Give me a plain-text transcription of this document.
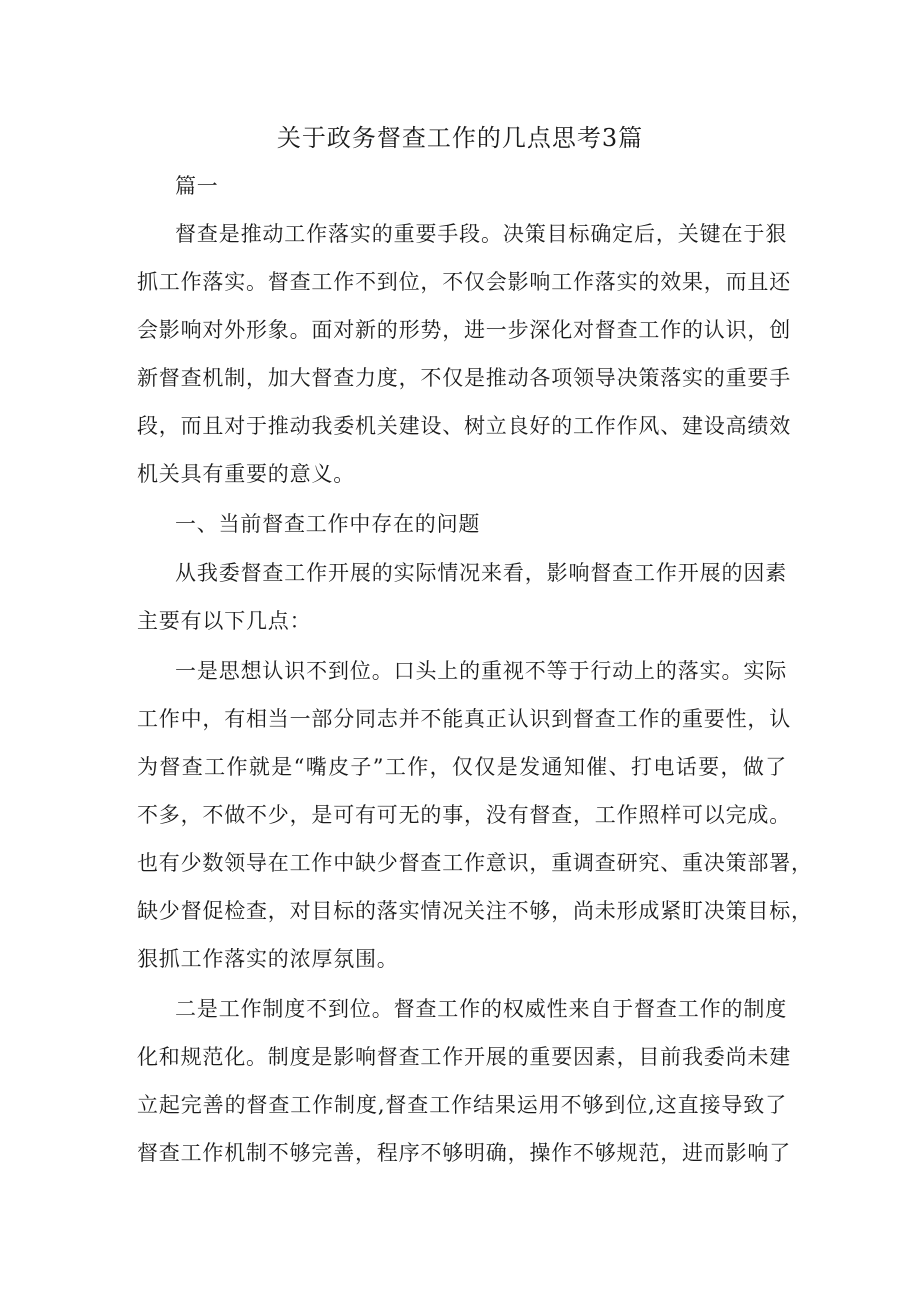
关于政务督查工作的几点思考3篇
篇一
督查是推动工作落实的重要手段。决策目标确定后，关键在于狠
抓工作落实。督查工作不到位，不仅会影响工作落实的效果，而且还
会影响对外形象。面对新的形势，进一步深化对督查工作的认识，创
新督查机制，加大督查力度，不仅是推动各项领导决策落实的重要手
段，而且对于推动我委机关建设、树立良好的工作作风、建设高绩效
机关具有重要的意义。
一、当前督查工作中存在的问题
从我委督查工作开展的实际情况来看，影响督查工作开展的因素
主要有以下几点：
一是思想认识不到位。口头上的重视不等于行动上的落实。实际
工作中，有相当一部分同志并不能真正认识到督查工作的重要性，认
为督查工作就是“嘴皮子”工作，仅仅是发通知催、打电话要，做了
不多，不做不少，是可有可无的事，没有督查，工作照样可以完成。
也有少数领导在工作中缺少督查工作意识，重调查研究、重决策部署，
缺少督促检查，对目标的落实情况关注不够，尚未形成紧盯决策目标，
狠抓工作落实的浓厚氛围。
二是工作制度不到位。督查工作的权威性来自于督查工作的制度
化和规范化。制度是影响督查工作开展的重要因素，目前我委尚未建
立起完善的督查工作制度,督查工作结果运用不够到位,这直接导致了
督查工作机制不够完善，程序不够明确，操作不够规范，进而影响了
